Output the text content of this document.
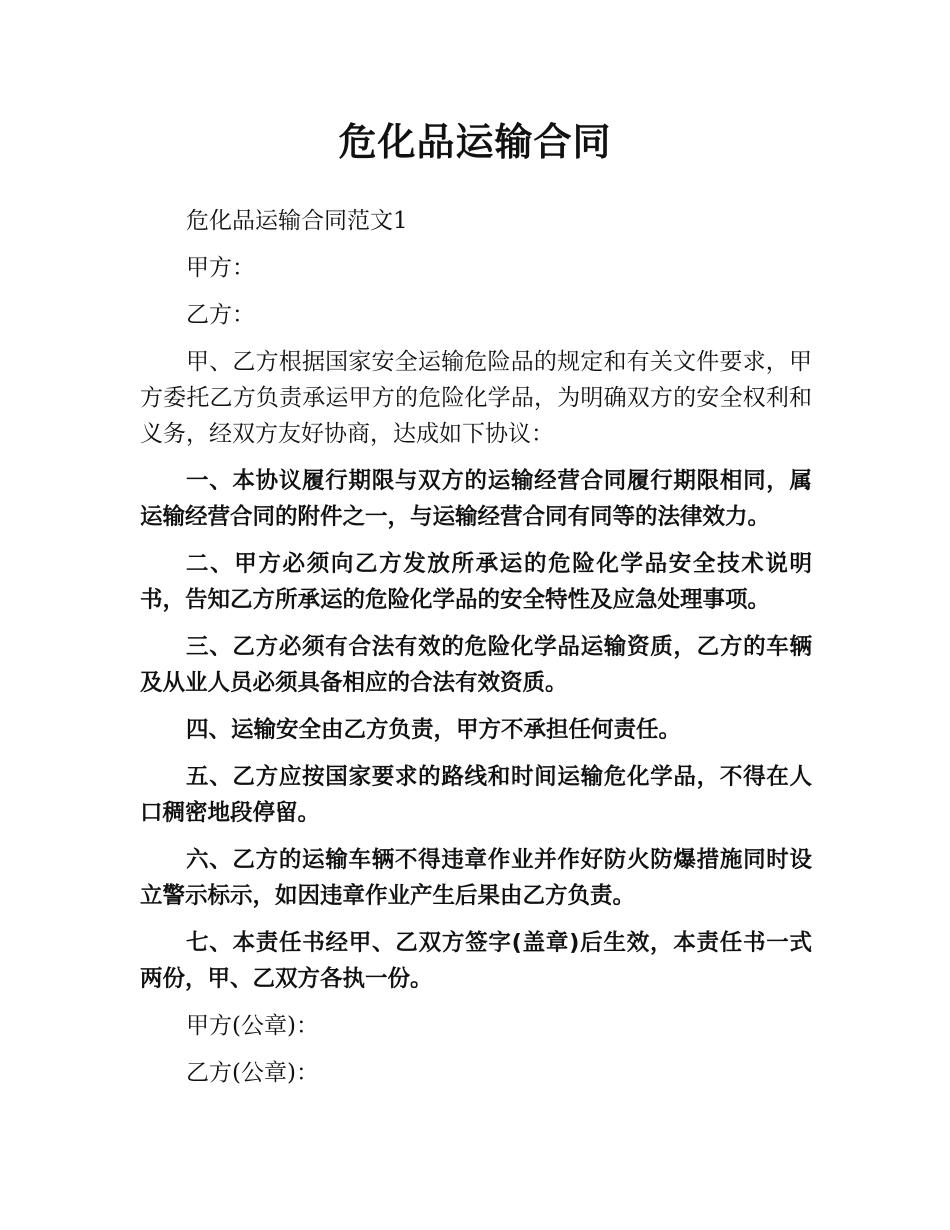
危化品运输合同

危化品运输合同范文1

甲方：

乙方：

甲、乙方根据国家安全运输危险品的规定和有关文件要求，甲方委托乙方负责承运甲方的危险化学品，为明确双方的安全权利和义务，经双方友好协商，达成如下协议：

一、本协议履行期限与双方的运输经营合同履行期限相同，属运输经营合同的附件之一，与运输经营合同有同等的法律效力。

二、甲方必须向乙方发放所承运的危险化学品安全技术说明书，告知乙方所承运的危险化学品的安全特性及应急处理事项。

三、乙方必须有合法有效的危险化学品运输资质，乙方的车辆及从业人员必须具备相应的合法有效资质。

四、运输安全由乙方负责，甲方不承担任何责任。

五、乙方应按国家要求的路线和时间运输危化学品，不得在人口稠密地段停留。

六、乙方的运输车辆不得违章作业并作好防火防爆措施同时设立警示标示，如因违章作业产生后果由乙方负责。

七、本责任书经甲、乙双方签字(盖章)后生效，本责任书一式两份，甲、乙双方各执一份。

甲方(公章)：

乙方(公章)：
